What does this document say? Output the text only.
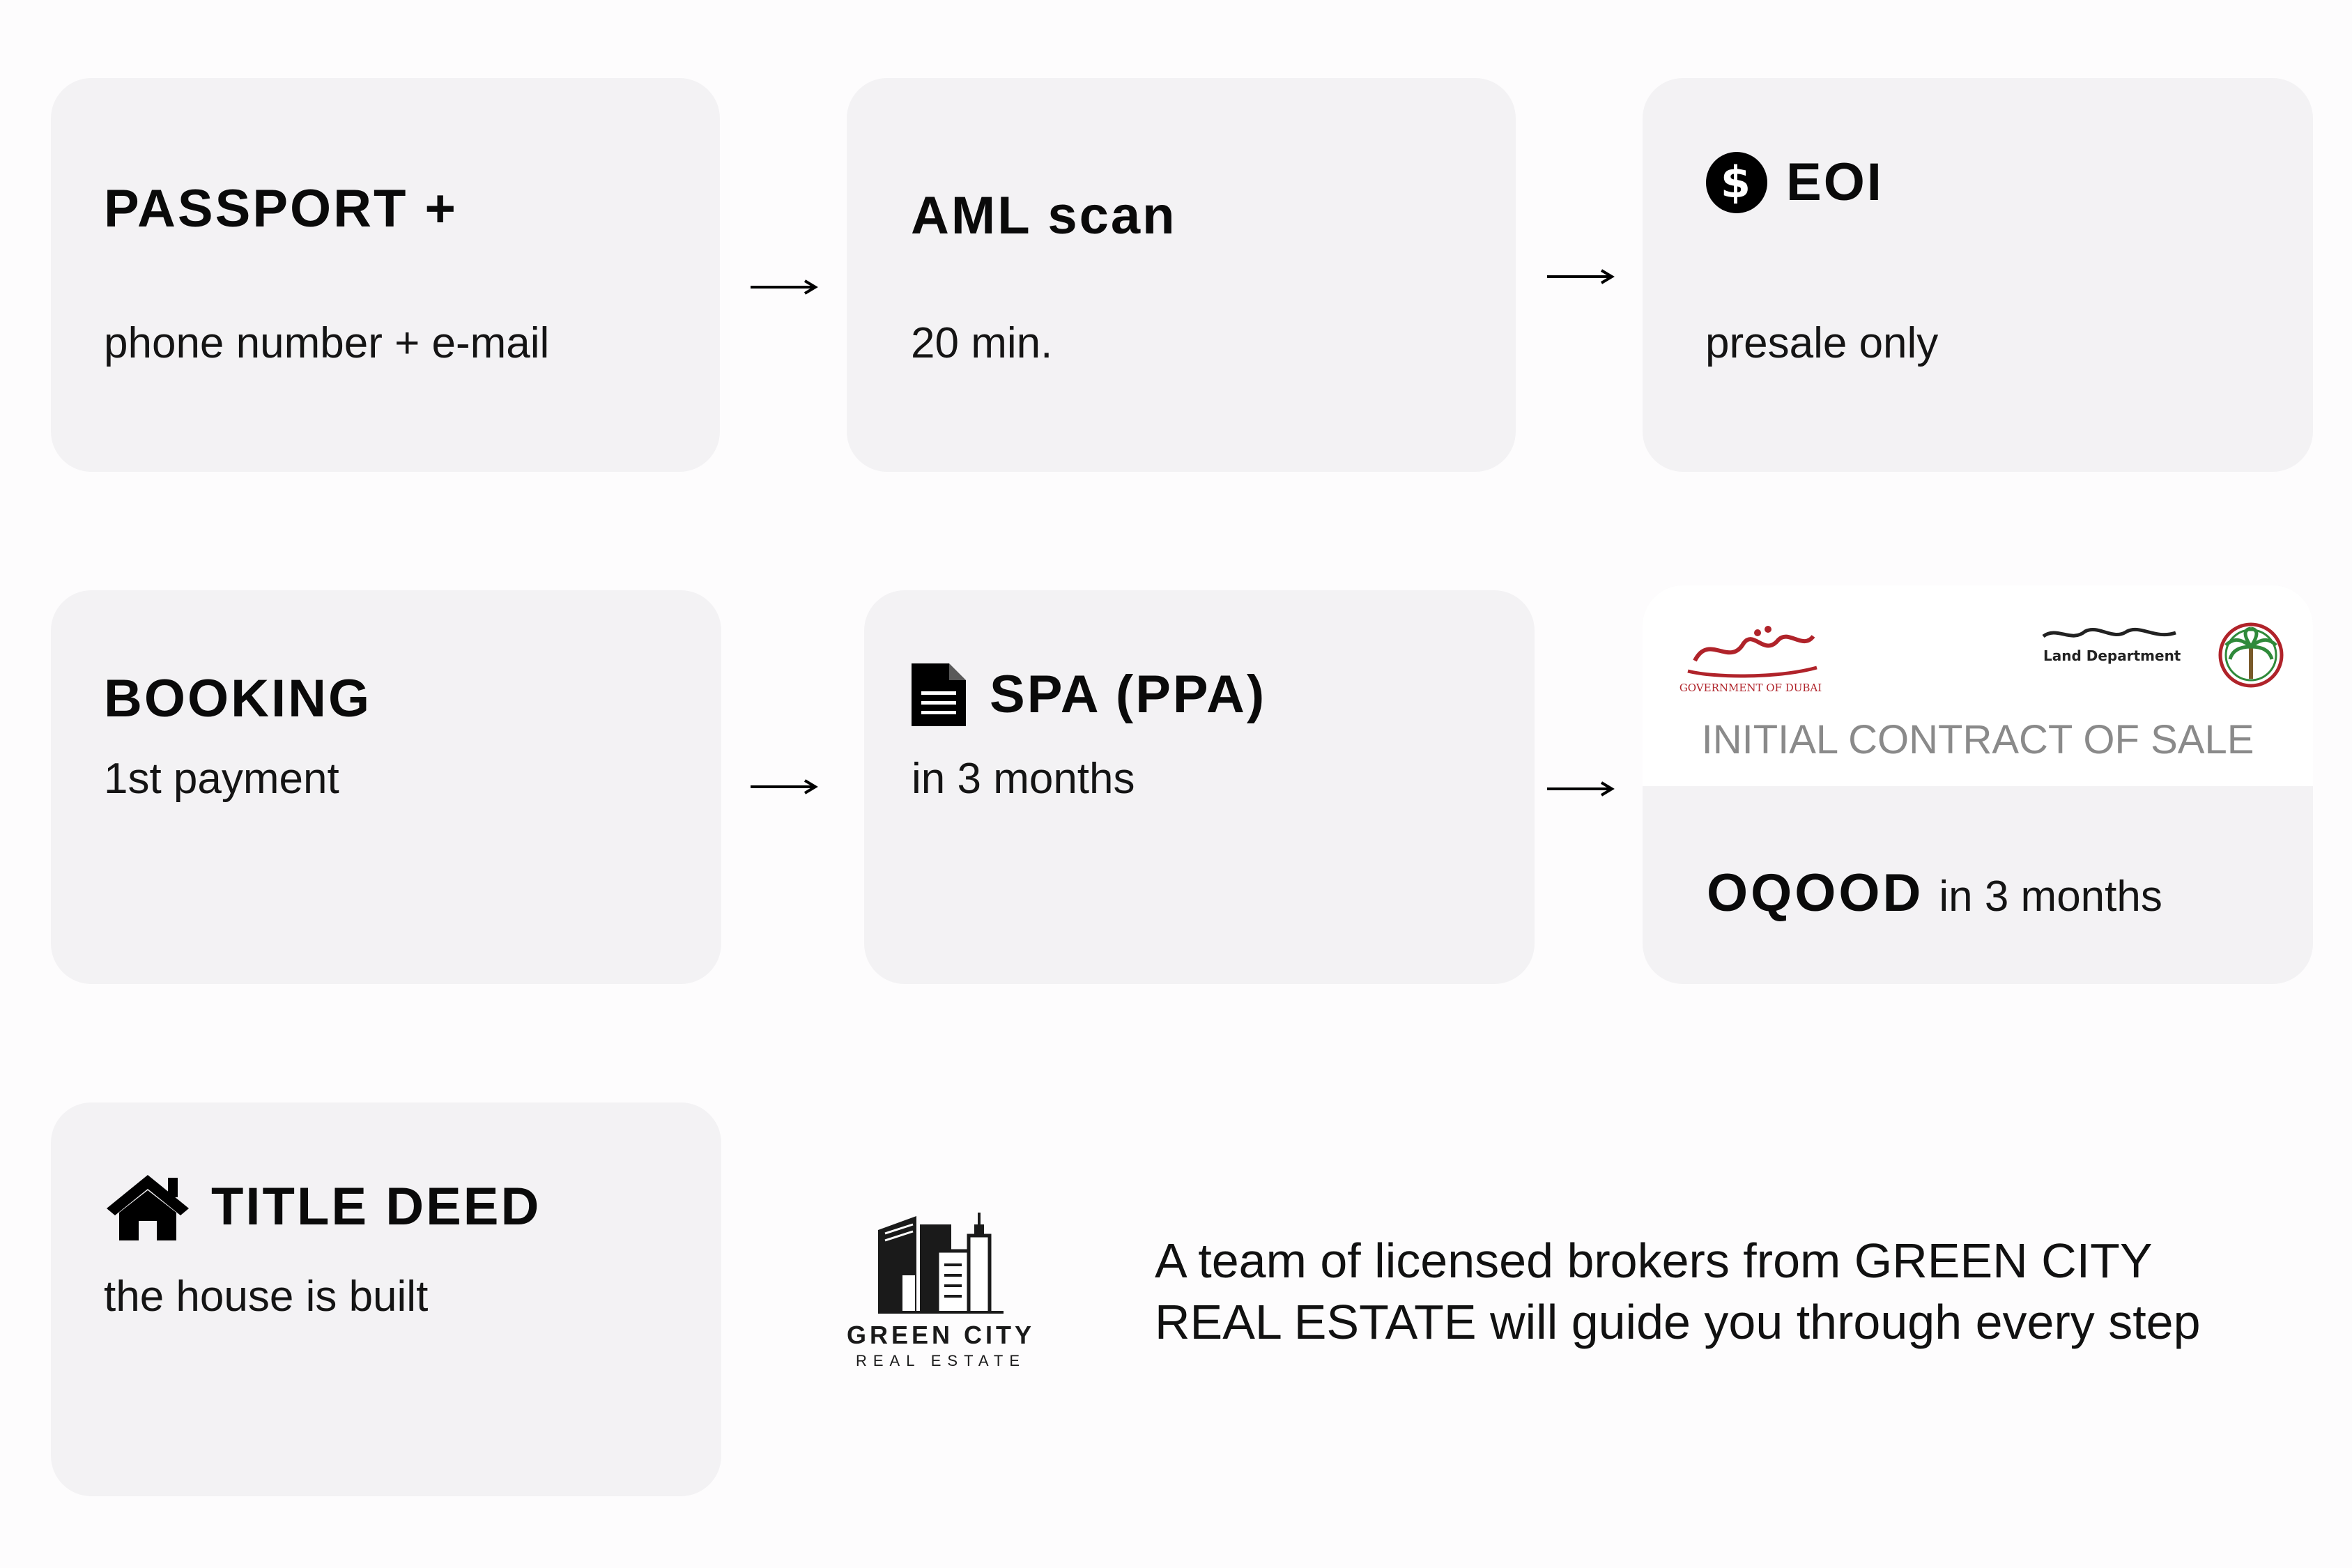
PASSPORT +
phone number + e-mail
AML scan
20 min.
$ EOI
presale only
BOOKING
1st payment
SPA (PPA)
in 3 months
GOVERNMENT OF DUBAI
Land Department
INITIAL CONTRACT OF SALE
OQOOD in 3 months
TITLE DEED
the house is built
GREEN CITY
REAL ESTATE
A team of licensed brokers from GREEN CITY
REAL ESTATE will guide you through every step
